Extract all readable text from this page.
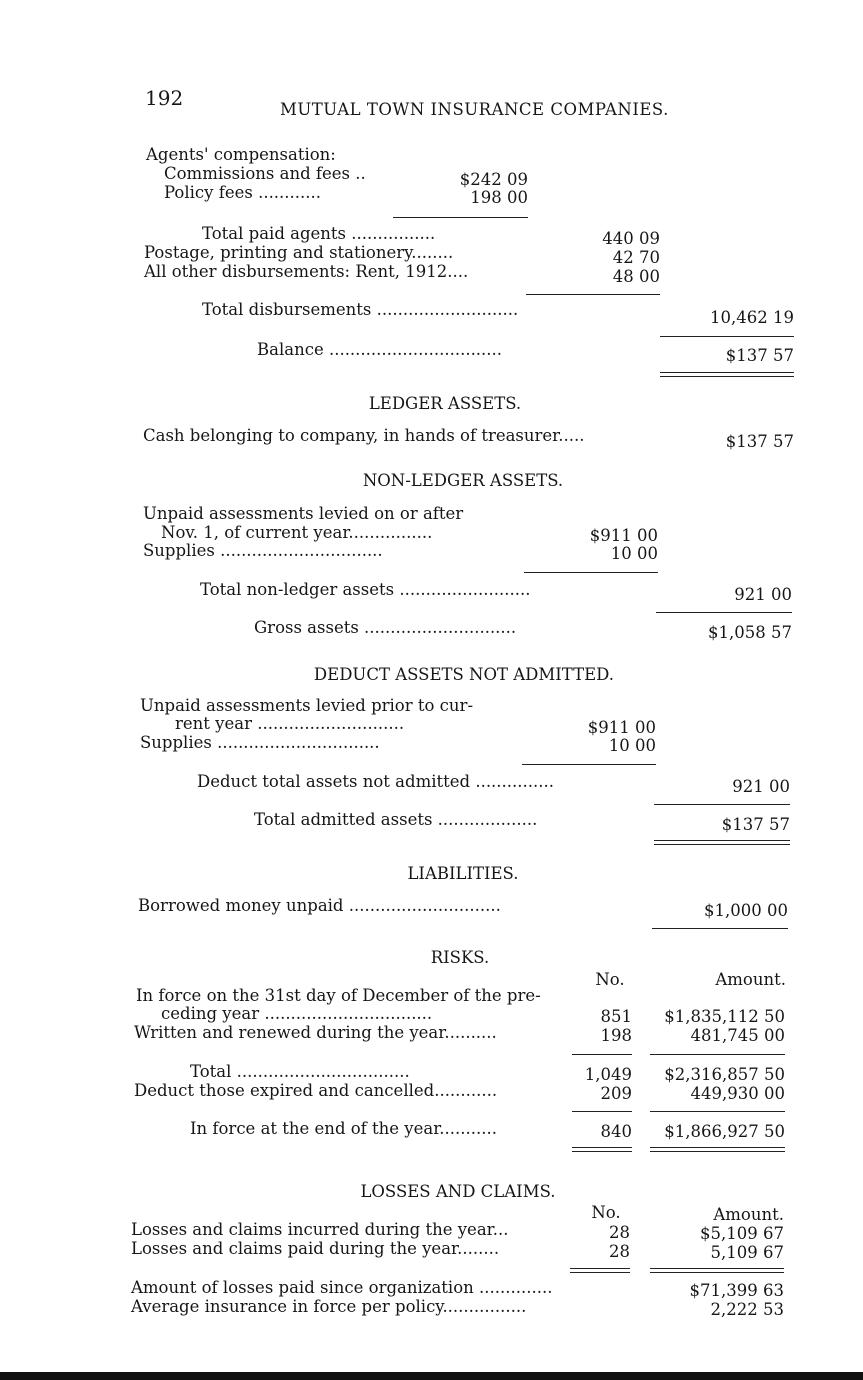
192	MUTUAL TOWN INSURANCE COMPANIES.
Agents' compensation:
Commissions and fees ..	$242 09
Policy fees ............	198 00
Total paid agents ................	440 09
Postage, printing and stationery........	42 70
All other disbursements: Rent, 1912....	48 00
Total disbursements ...........................	10,462 19
Balance .................................	$137 57
LEDGER ASSETS.
Cash belonging to company, in hands of treasurer.....	$137 57
NON-LEDGER ASSETS.
Unpaid assessments levied on or after
Nov. 1, of current year................	$911 00
Supplies ...............................	10 00
Total non-ledger assets .........................	921 00
Gross assets .............................	$1,058 57
DEDUCT ASSETS NOT ADMITTED.
Unpaid assessments levied prior to cur-
rent year ............................	$911 00
Supplies ...............................	10 00
Deduct total assets not admitted ...............	921 00
Total admitted assets ...................	$137 57
LIABILITIES.
Borrowed money unpaid .............................	$1,000 00
RISKS.
No.	Amount.
In force on the 31st day of December of the pre-
ceding year ................................	851	$1,835,112 50
Written and renewed during the year..........	198	481,745 00
Total .................................	1,049	$2,316,857 50
Deduct those expired and cancelled............	209	449,930 00
In force at the end of the year...........	840	$1,866,927 50
LOSSES AND CLAIMS.
No.	Amount.
Losses and claims incurred during the year...	28	$5,109 67
Losses and claims paid during the year........	28	5,109 67
Amount of losses paid since organization ..............	$71,399 63
Average insurance in force per policy................	2,222 53
